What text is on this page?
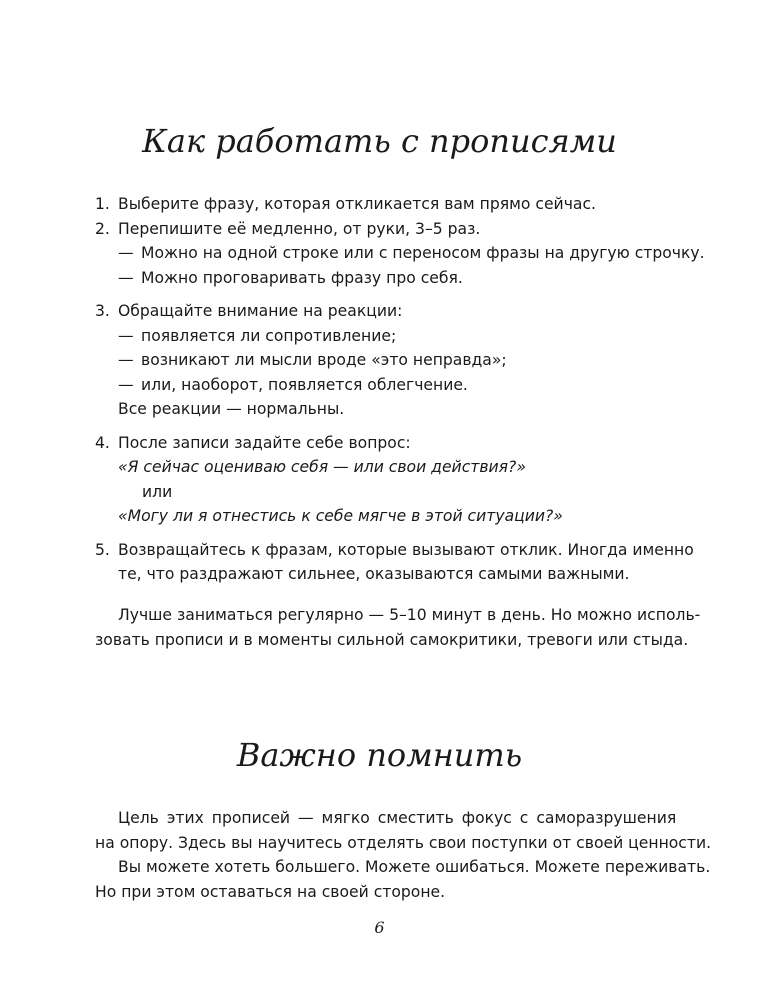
Как работать с прописями
1. Выберите фразу, которая откликается вам прямо сейчас.
2. Перепишите её медленно, от руки, 3–5 раз.
— Можно на одной строке или с переносом фразы на другую строчку.
— Можно проговаривать фразу про себя.
3. Обращайте внимание на реакции:
— появляется ли сопротивление;
— возникают ли мысли вроде «это неправда»;
— или, наоборот, появляется облегчение.
Все реакции — нормальны.
4. После записи задайте себе вопрос:
«Я сейчас оцениваю себя — или свои действия?»
или
«Могу ли я отнестись к себе мягче в этой ситуации?»
5. Возвращайтесь к фразам, которые вызывают отклик. Иногда именно
те, что раздражают сильнее, оказываются самыми важными.
Лучше заниматься регулярно — 5–10 минут в день. Но можно исполь-
зовать прописи и в моменты сильной самокритики, тревоги или стыда.
Важно помнить
Цель этих прописей — мягко сместить фокус с саморазрушения
на опору. Здесь вы научитесь отделять свои поступки от своей ценности.
Вы можете хотеть большего. Можете ошибаться. Можете переживать.
Но при этом оставаться на своей стороне.
6
